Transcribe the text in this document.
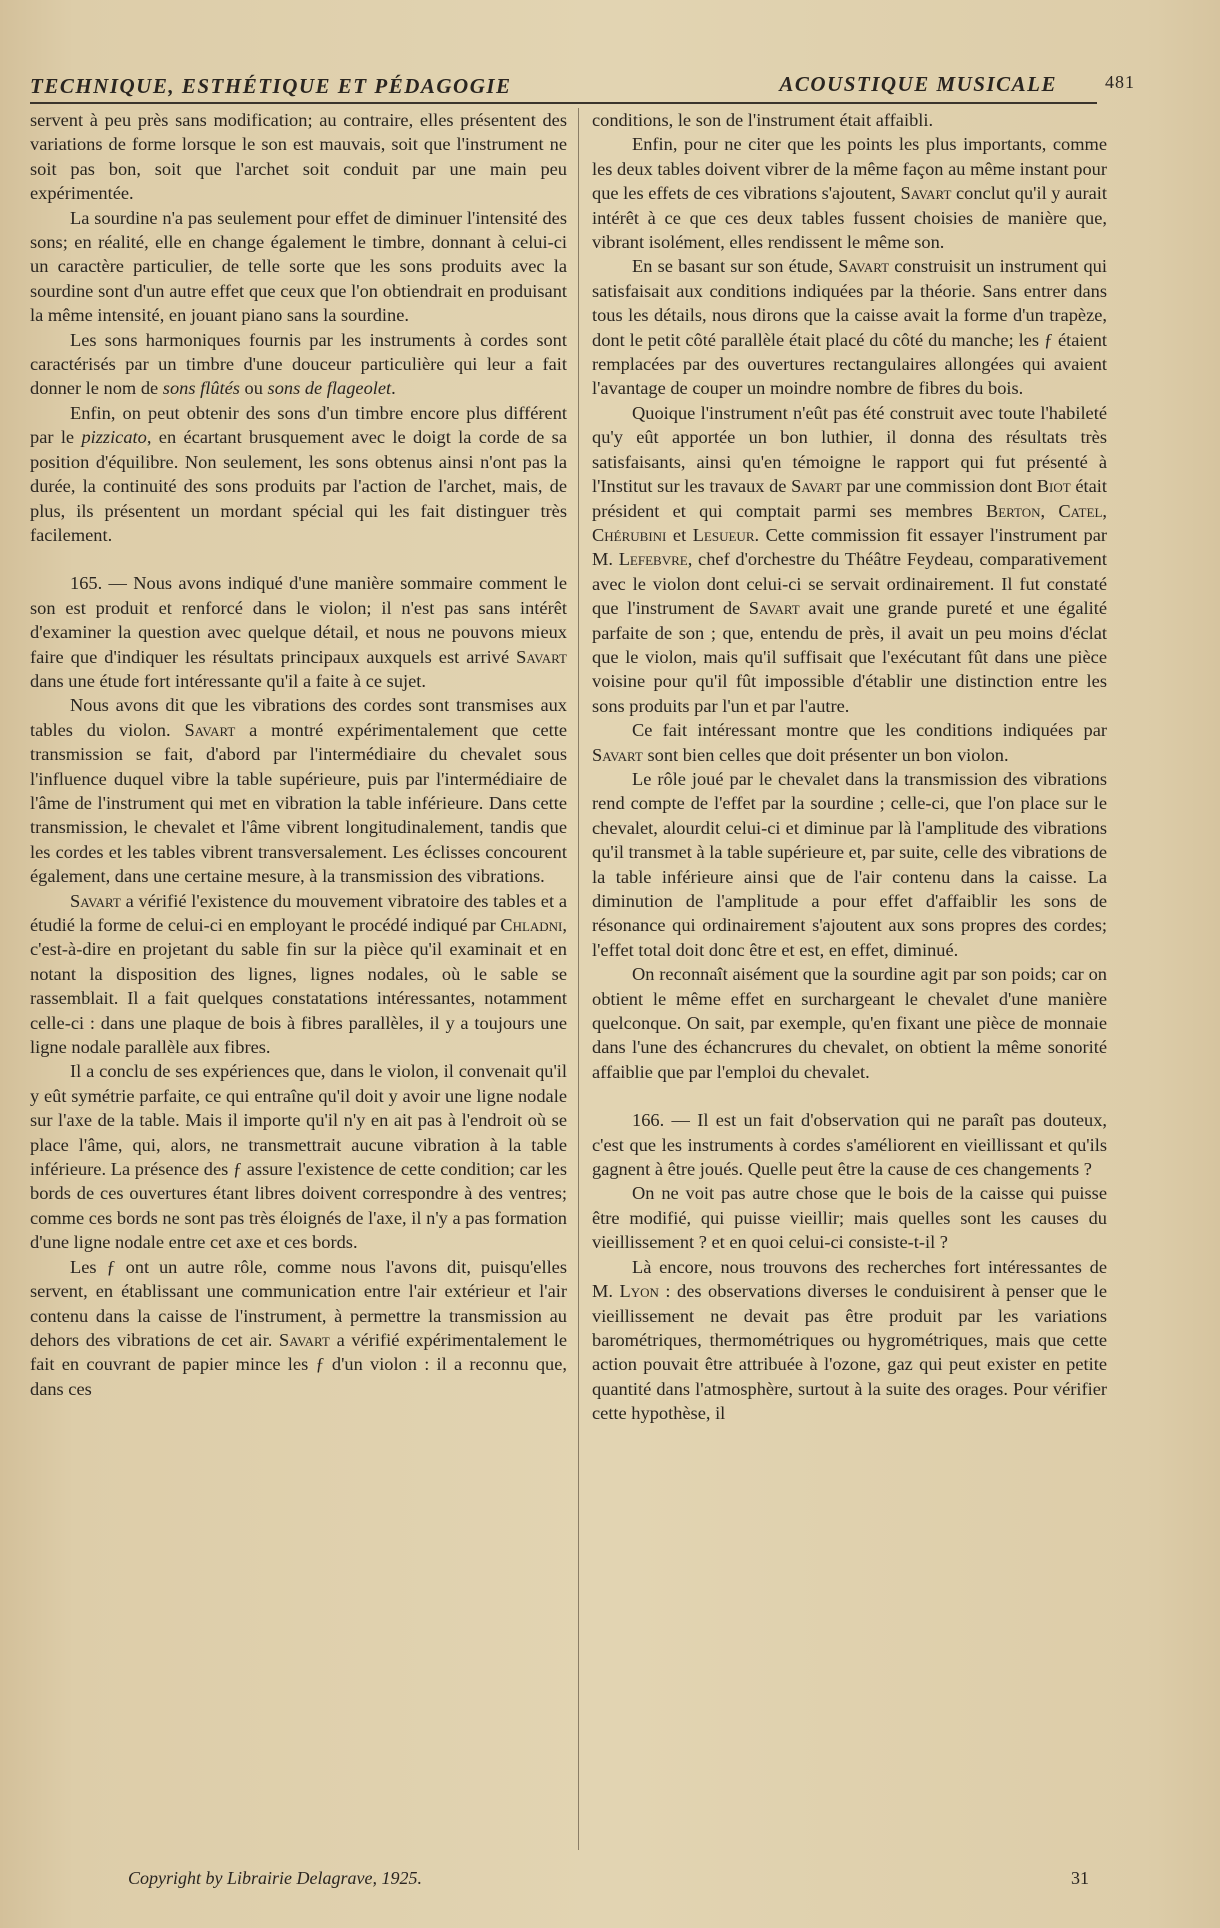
TECHNIQUE, ESTHÉTIQUE ET PÉDAGOGIE	ACOUSTIQUE MUSICALE	481

servent à peu près sans modification; au contraire, elles présentent des variations de forme lorsque le son est mauvais, soit que l'instrument ne soit pas bon, soit que l'archet soit conduit par une main peu expérimentée.

La sourdine n'a pas seulement pour effet de diminuer l'intensité des sons; en réalité, elle en change également le timbre, donnant à celui-ci un caractère particulier, de telle sorte que les sons produits avec la sourdine sont d'un autre effet que ceux que l'on obtiendrait en produisant la même intensité, en jouant piano sans la sourdine.

Les sons harmoniques fournis par les instruments à cordes sont caractérisés par un timbre d'une douceur particulière qui leur a fait donner le nom de sons flûtés ou sons de flageolet.

Enfin, on peut obtenir des sons d'un timbre encore plus différent par le pizzicato, en écartant brusquement avec le doigt la corde de sa position d'équilibre. Non seulement, les sons obtenus ainsi n'ont pas la durée, la continuité des sons produits par l'action de l'archet, mais, de plus, ils présentent un mordant spécial qui les fait distinguer très facilement.

165. — Nous avons indiqué d'une manière sommaire comment le son est produit et renforcé dans le violon; il n'est pas sans intérêt d'examiner la question avec quelque détail, et nous ne pouvons mieux faire que d'indiquer les résultats principaux auxquels est arrivé Savart dans une étude fort intéressante qu'il a faite à ce sujet.

Nous avons dit que les vibrations des cordes sont transmises aux tables du violon. Savart a montré expérimentalement que cette transmission se fait, d'abord par l'intermédiaire du chevalet sous l'influence duquel vibre la table supérieure, puis par l'intermédiaire de l'âme de l'instrument qui met en vibration la table inférieure. Dans cette transmission, le chevalet et l'âme vibrent longitudinalement, tandis que les cordes et les tables vibrent transversalement. Les éclisses concourent également, dans une certaine mesure, à la transmission des vibrations.

Savart a vérifié l'existence du mouvement vibratoire des tables et a étudié la forme de celui-ci en employant le procédé indiqué par Chladni, c'est-à-dire en projetant du sable fin sur la pièce qu'il examinait et en notant la disposition des lignes, lignes nodales, où le sable se rassemblait. Il a fait quelques constatations intéressantes, notamment celle-ci : dans une plaque de bois à fibres parallèles, il y a toujours une ligne nodale parallèle aux fibres.

Il a conclu de ses expériences que, dans le violon, il convenait qu'il y eût symétrie parfaite, ce qui entraîne qu'il doit y avoir une ligne nodale sur l'axe de la table. Mais il importe qu'il n'y en ait pas à l'endroit où se place l'âme, qui, alors, ne transmettrait aucune vibration à la table inférieure. La présence des ƒ assure l'existence de cette condition; car les bords de ces ouvertures étant libres doivent correspondre à des ventres; comme ces bords ne sont pas très éloignés de l'axe, il n'y a pas formation d'une ligne nodale entre cet axe et ces bords.

Les ƒ ont un autre rôle, comme nous l'avons dit, puisqu'elles servent, en établissant une communication entre l'air extérieur et l'air contenu dans la caisse de l'instrument, à permettre la transmission au dehors des vibrations de cet air. Savart a vérifié expérimentalement le fait en couvrant de papier mince les ƒ d'un violon : il a reconnu que, dans ces

conditions, le son de l'instrument était affaibli.

Enfin, pour ne citer que les points les plus importants, comme les deux tables doivent vibrer de la même façon au même instant pour que les effets de ces vibrations s'ajoutent, Savart conclut qu'il y aurait intérêt à ce que ces deux tables fussent choisies de manière que, vibrant isolément, elles rendissent le même son.

En se basant sur son étude, Savart construisit un instrument qui satisfaisait aux conditions indiquées par la théorie. Sans entrer dans tous les détails, nous dirons que la caisse avait la forme d'un trapèze, dont le petit côté parallèle était placé du côté du manche; les ƒ étaient remplacées par des ouvertures rectangulaires allongées qui avaient l'avantage de couper un moindre nombre de fibres du bois.

Quoique l'instrument n'eût pas été construit avec toute l'habileté qu'y eût apportée un bon luthier, il donna des résultats très satisfaisants, ainsi qu'en témoigne le rapport qui fut présenté à l'Institut sur les travaux de Savart par une commission dont Biot était président et qui comptait parmi ses membres Berton, Catel, Chérubini et Lesueur. Cette commission fit essayer l'instrument par M. Lefebvre, chef d'orchestre du Théâtre Feydeau, comparativement avec le violon dont celui-ci se servait ordinairement. Il fut constaté que l'instrument de Savart avait une grande pureté et une égalité parfaite de son ; que, entendu de près, il avait un peu moins d'éclat que le violon, mais qu'il suffisait que l'exécutant fût dans une pièce voisine pour qu'il fût impossible d'établir une distinction entre les sons produits par l'un et par l'autre.

Ce fait intéressant montre que les conditions indiquées par Savart sont bien celles que doit présenter un bon violon.

Le rôle joué par le chevalet dans la transmission des vibrations rend compte de l'effet par la sourdine ; celle-ci, que l'on place sur le chevalet, alourdit celui-ci et diminue par là l'amplitude des vibrations qu'il transmet à la table supérieure et, par suite, celle des vibrations de la table inférieure ainsi que de l'air contenu dans la caisse. La diminution de l'amplitude a pour effet d'affaiblir les sons de résonance qui ordinairement s'ajoutent aux sons propres des cordes; l'effet total doit donc être et est, en effet, diminué.

On reconnaît aisément que la sourdine agit par son poids; car on obtient le même effet en surchargeant le chevalet d'une manière quelconque. On sait, par exemple, qu'en fixant une pièce de monnaie dans l'une des échancrures du chevalet, on obtient la même sonorité affaiblie que par l'emploi du chevalet.

166. — Il est un fait d'observation qui ne paraît pas douteux, c'est que les instruments à cordes s'améliorent en vieillissant et qu'ils gagnent à être joués. Quelle peut être la cause de ces changements ?

On ne voit pas autre chose que le bois de la caisse qui puisse être modifié, qui puisse vieillir; mais quelles sont les causes du vieillissement ? et en quoi celui-ci consiste-t-il ?

Là encore, nous trouvons des recherches fort intéressantes de M. Lyon : des observations diverses le conduisirent à penser que le vieillissement ne devait pas être produit par les variations barométriques, thermométriques ou hygrométriques, mais que cette action pouvait être attribuée à l'ozone, gaz qui peut exister en petite quantité dans l'atmosphère, surtout à la suite des orages. Pour vérifier cette hypothèse, il

Copyright by Librairie Delagrave, 1925.	31
